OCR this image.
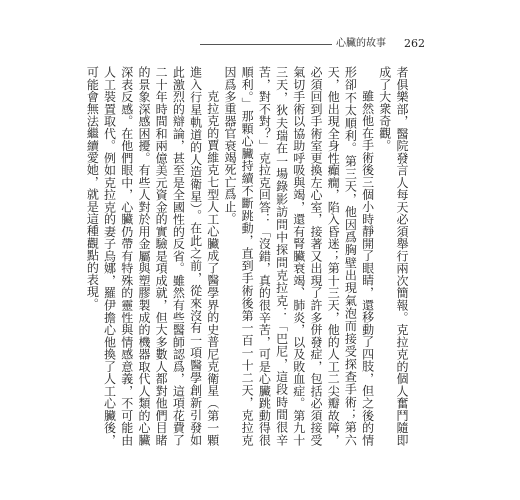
心臟的故事	262

者俱樂部，醫院發言人每天必須舉行兩次簡報。克拉克的個人奮鬥隨即成了大衆奇觀。

雖然他在手術後三個小時靜開了眼睛，還移動了四肢，但之後的情形卻不太順利。第三天，他因爲胸壁出現氣泡而接受探查手術；第六天，他出現全身性癲癇，陷入昏迷；第十三天，他的人工二尖瓣故障，必須回到手術室更換左心室，接著又出現了許多併發症，包括必須接受氣切手術以協助呼吸與竭，還有腎臟衰竭、肺炎，以及敗血症。第九十三天，狄夫瑞在一場錄影訪問中探問克拉克：「巴尼，這段時間很辛苦，對不對？」克拉克回答：「沒錯，真的很辛苦，可是心臟跳動得很順利。」那顆心臟持續不斷跳動，直到手術後第一百一十二天，克拉克因爲多重器官衰竭死亡爲止。

克拉克的賈維克七型人工心臟成了醫學界的史普尼克衛星（第一顆進入行星軌道的人造衛星）。在此之前，從來沒有一項醫學創新引發如此激烈的辯論，甚至是全國性的反省。雖然有些醫師認爲，這項花費了二十年時間和兩億美元資金的實驗是項成就，但大多數人都對他們目睹的景象深感困擾。有些人對於用金屬與塑膠製成的機器取代人類的心臟深表反感。在他們眼中，心臟仍帶有特殊的靈性與情感意義，不可能由人工裝置取代。例如克拉克的妻子烏娜，羅伊擔心他換了人工心臟後，可能會無法繼續愛她，就是這種觀點的表現。
